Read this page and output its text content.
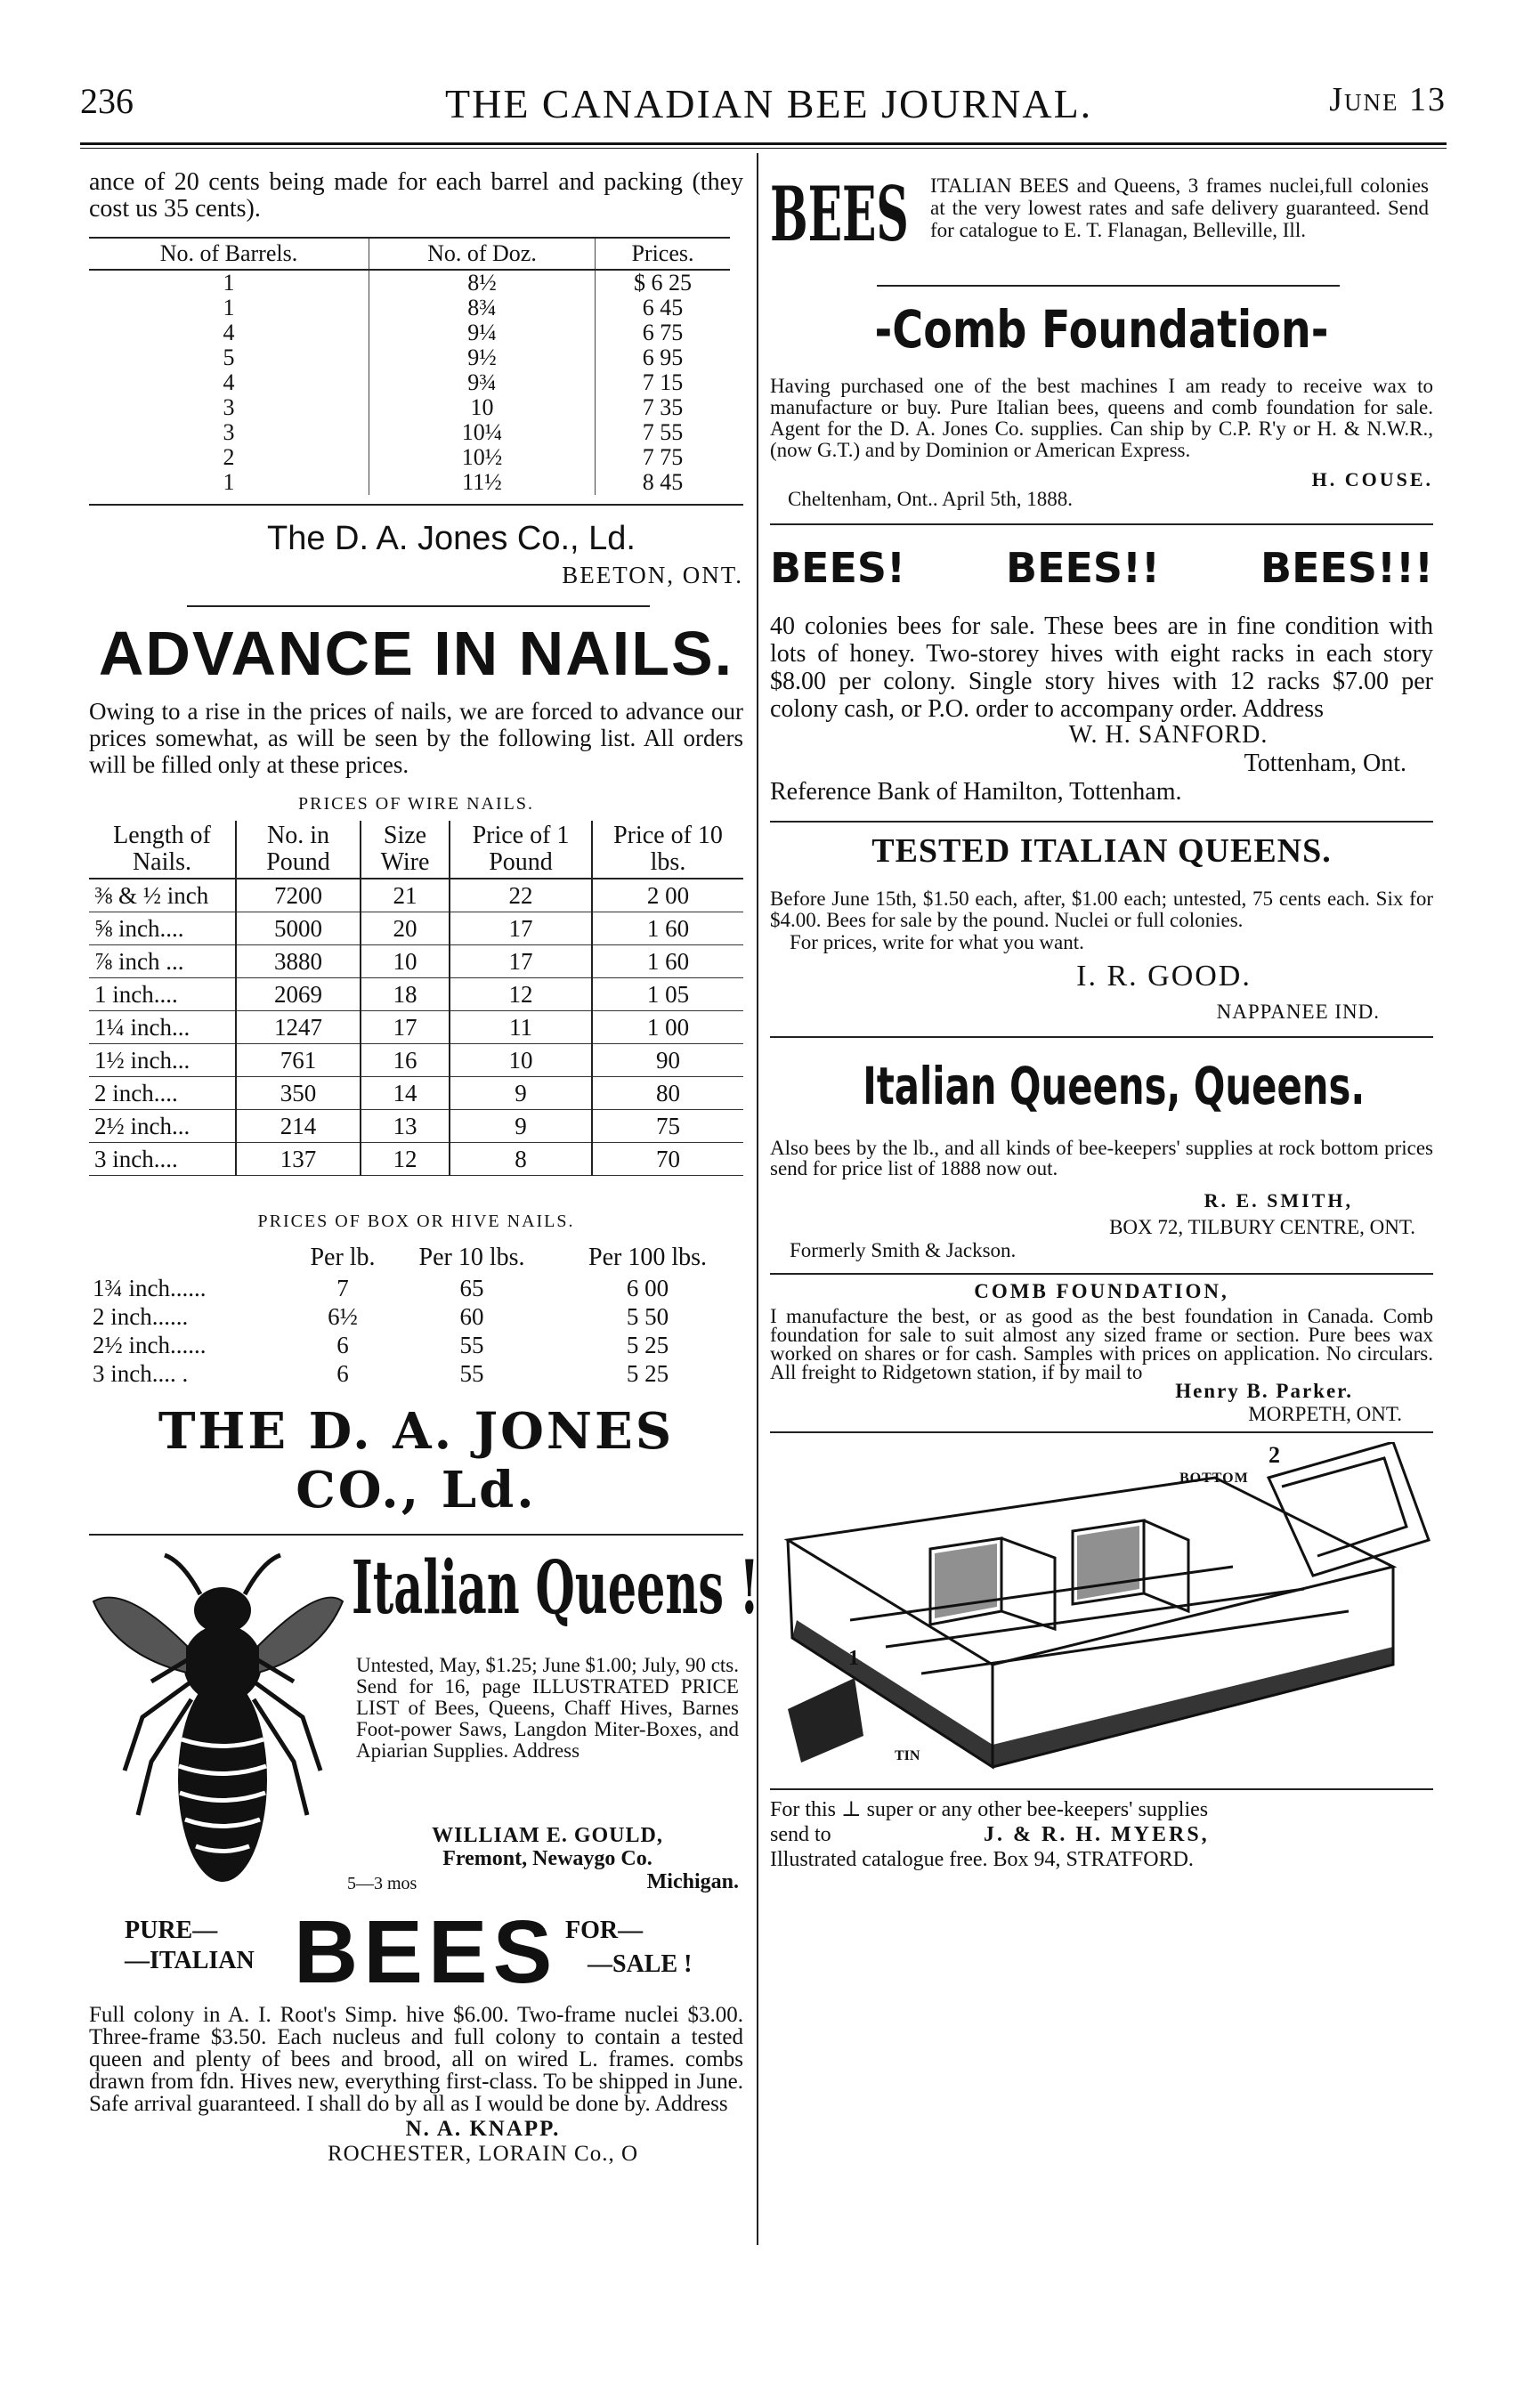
236	THE CANADIAN BEE JOURNAL.	June 13
ance of 20 cents being made for each barrel and packing (they cost us 35 cents).
No. of Barrels.	No. of Doz.	Prices.
1	8½	$ 6 25
1	8¾	6 45
4	9¼	6 75
5	9½	6 95
4	9¾	7 15
3	10	7 35
3	10¼	7 55
2	10½	7 75
1	11½	8 45
The D. A. Jones Co., Ld.
BEETON, ONT.
ADVANCE IN NAILS.
Owing to a rise in the prices of nails, we are forced to advance our prices somewhat, as will be seen by the following list. All orders will be filled only at these prices.
PRICES OF WIRE NAILS.
Length of Nails.	No. in Pound	Size Wire	Price of 1 Pound	Price of 10 lbs.
⅜ & ½ inch	7200	21	22	2 00
⅝ inch....	5000	20	17	1 60
⅞ inch ...	3880	10	17	1 60
1 inch....	2069	18	12	1 05
1¼ inch...	1247	17	11	1 00
1½ inch...	761	16	10	90
2 inch....	350	14	9	80
2½ inch...	214	13	9	75
3 inch....	137	12	8	70
PRICES OF BOX OR HIVE NAILS.
	Per lb.	Per 10 lbs.	Per 100 lbs.
1¾ inch......	7	65	6 00
2 inch......	6½	60	5 50
2½ inch......	6	55	5 25
3 inch.... .	6	55	5 25
THE D. A. JONES CO., Ld.
Italian Queens !
Untested, May, $1.25; June $1.00; July, 90 cts. Send for 16, page ILLUSTRATED PRICE LIST of Bees, Queens, Chaff Hives, Barnes Foot-power Saws, Langdon Miter-Boxes, and Apiarian Supplies. Address
WILLIAM E. GOULD,
Fremont, Newaygo Co.
5—3 mos	Michigan.
PURE—
—ITALIAN BEES FOR—
—SALE !
Full colony in A. I. Root's Simp. hive $6.00. Two-frame nuclei $3.00. Three-frame $3.50. Each nucleus and full colony to contain a tested queen and plenty of bees and brood, all on wired L. frames. combs drawn from fdn. Hives new, everything first-class. To be shipped in June. Safe arrival guaranteed. I shall do by all as I would be done by. Address
N. A. KNAPP.
ROCHESTER, LORAIN Co., O
BEES ITALIAN BEES and Queens, 3 frames nuclei,full colonies at the very lowest rates and safe delivery guaranteed. Send for catalogue to E. T. Flanagan, Belleville, Ill.
-Comb Foundation-
Having purchased one of the best machines I am ready to receive wax to manufacture or buy. Pure Italian bees, queens and comb foundation for sale. Agent for the D. A. Jones Co. supplies. Can ship by C.P. R'y or H. & N.W.R., (now G.T.) and by Dominion or American Express.
H. COUSE.
Cheltenham, Ont.. April 5th, 1888.
BEES! BEES!! BEES!!!
40 colonies bees for sale. These bees are in fine condition with lots of honey. Two-storey hives with eight racks in each story $8.00 per colony. Single story hives with 12 racks $7.00 per colony cash, or P.O. order to accompany order. Address
W. H. SANFORD.
Tottenham, Ont.
Reference Bank of Hamilton, Tottenham.
TESTED ITALIAN QUEENS.
Before June 15th, $1.50 each, after, $1.00 each; untested, 75 cents each. Six for $4.00. Bees for sale by the pound. Nuclei or full colonies.
For prices, write for what you want.
I. R. GOOD.
NAPPANEE IND.
Italian Queens, Queens.
Also bees by the lb., and all kinds of bee-keepers' supplies at rock bottom prices send for price list of 1888 now out.
R. E. SMITH,
BOX 72, TILBURY CENTRE, ONT.
Formerly Smith & Jackson.
COMB FOUNDATION,
I manufacture the best, or as good as the best foundation in Canada. Comb foundation for sale to suit almost any sized frame or section. Pure bees wax worked on shares or for cash. Samples with prices on application. No circulars. All freight to Ridgetown station, if by mail to
Henry B. Parker.
MORPETH, ONT.
BOTTOM
2
1
TIN
For this ⊥ super or any other bee-keepers' supplies
send to	J. & R. H. MYERS,
Illustrated catalogue free. Box 94, STRATFORD.
